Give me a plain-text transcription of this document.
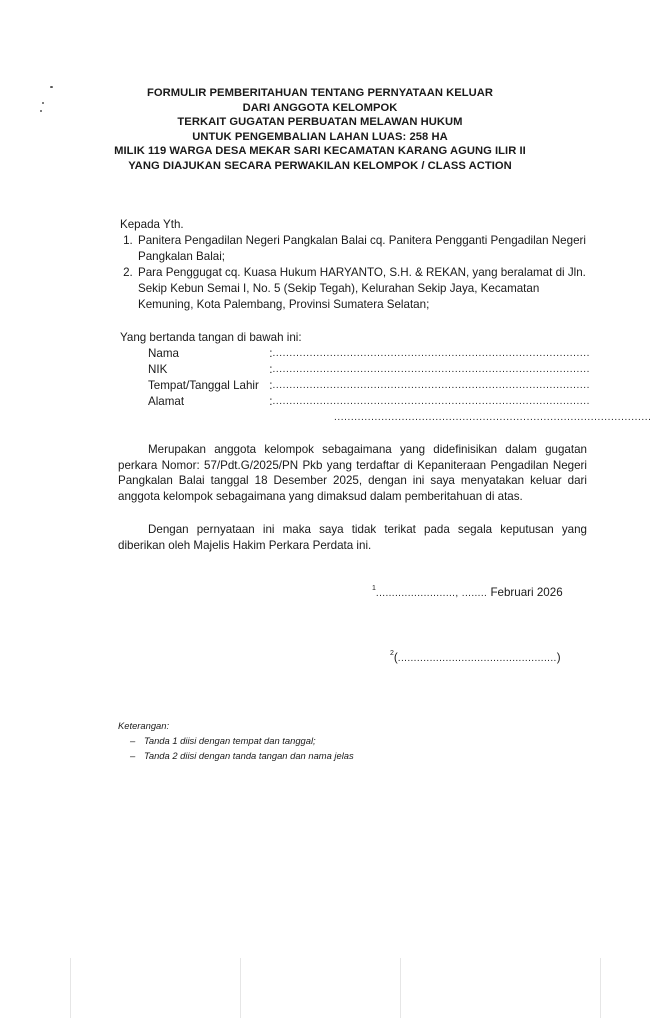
FORMULIR PEMBERITAHUAN TENTANG PERNYATAAN KELUAR
DARI ANGGOTA KELOMPOK
TERKAIT GUGATAN PERBUATAN MELAWAN HUKUM
UNTUK PENGEMBALIAN LAHAN LUAS: 258 HA
MILIK 119 WARGA DESA MEKAR SARI KECAMATAN KARANG AGUNG ILIR II
YANG DIAJUKAN SECARA PERWAKILAN KELOMPOK / CLASS ACTION
Kepada Yth.
1. Panitera Pengadilan Negeri Pangkalan Balai cq. Panitera Pengganti Pengadilan Negeri Pangkalan Balai;
2. Para Penggugat cq. Kuasa Hukum HARYANTO, S.H. & REKAN, yang beralamat di Jln. Sekip Kebun Semai I, No. 5 (Sekip Tegah), Kelurahan Sekip Jaya, Kecamatan Kemuning, Kota Palembang, Provinsi Sumatera Selatan;
Yang bertanda tangan di bawah ini:
Nama	: ..............................................................................................
NIK	: ..............................................................................................
Tempat/Tanggal Lahir : ..............................................................................................
Alamat	: ..............................................................................................
..............................................................................................

Merupakan anggota kelompok sebagaimana yang didefinisikan dalam gugatan perkara Nomor: 57/Pdt.G/2025/PN Pkb yang terdaftar di Kepaniteraan Pengadilan Negeri Pangkalan Balai tanggal 18 Desember 2025, dengan ini saya menyatakan keluar dari anggota kelompok sebagaimana yang dimaksud dalam pemberitahuan di atas.

Dengan pernyataan ini maka saya tidak terikat pada segala keputusan yang diberikan oleh Majelis Hakim Perkara Perdata ini.

$^1$........................., ........ Februari 2026
$^2$(..................................................)
Keterangan:
– Tanda 1 diisi dengan tempat dan tanggal;
– Tanda 2 diisi dengan tanda tangan dan nama jelas
